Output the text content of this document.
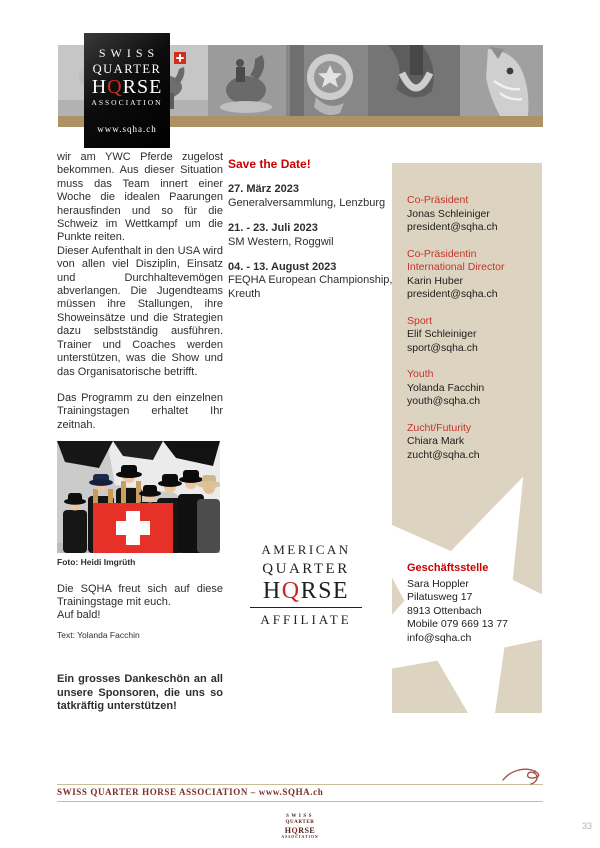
SWISS
QUARTER
HQRSE
ASSOCIATION
www.sqha.ch

wir am YWC Pferde zugelost bekommen. Aus dieser Situation muss das Team innert einer Woche die idealen Paarungen herausfinden und so für die Schweiz im Wettkampf um die Punkte reiten.

Dieser Aufenthalt in den USA wird von allen viel Disziplin, Einsatz und Durchhaltevemögen abverlangen. Die Jugendteams müssen ihre Stallungen, ihre Showeinsätze und die Strategien dazu selbstständig ausführen. Trainer und Coaches werden unterstützen, was die Show und das Organisatorische betrifft.

Das Programm zu den einzelnen Trainingstagen erhaltet Ihr zeitnah.

Foto: Heidi Imgrüth
Die SQHA freut sich auf diese Trainingstage mit euch.
Auf bald!
Text: Yolanda Facchin
Ein grosses Dankeschön an all unsere Sponsoren, die uns so tatkräftig unterstützen!
Save the Date!
27. März 2023
Generalversammlung, Lenzburg
21. - 23. Juli 2023
SM Western, Roggwil
04. - 13. August 2023
FEQHA European Championship, Kreuth
AMERICAN
QUARTER
HQRSE
AFFILIATE
Co-Präsident
Jonas Schleiniger
president@sqha.ch
Co-Präsidentin
International Director
Karin Huber
president@sqha.ch
Sport
Elif Schleiniger
sport@sqha.ch
Youth
Yolanda Facchin
youth@sqha.ch
Zucht/Futurity
Chiara Mark
zucht@sqha.ch
Geschäftsstelle
Sara Hoppler
Pilatusweg 17
8913 Ottenbach
Mobile 079 669 13 77
info@sqha.ch
SWISS QUARTER HORSE ASSOCIATION – www.SQHA.ch
SWISS
QUARTER
HQRSE
ASSOCIATION
33
